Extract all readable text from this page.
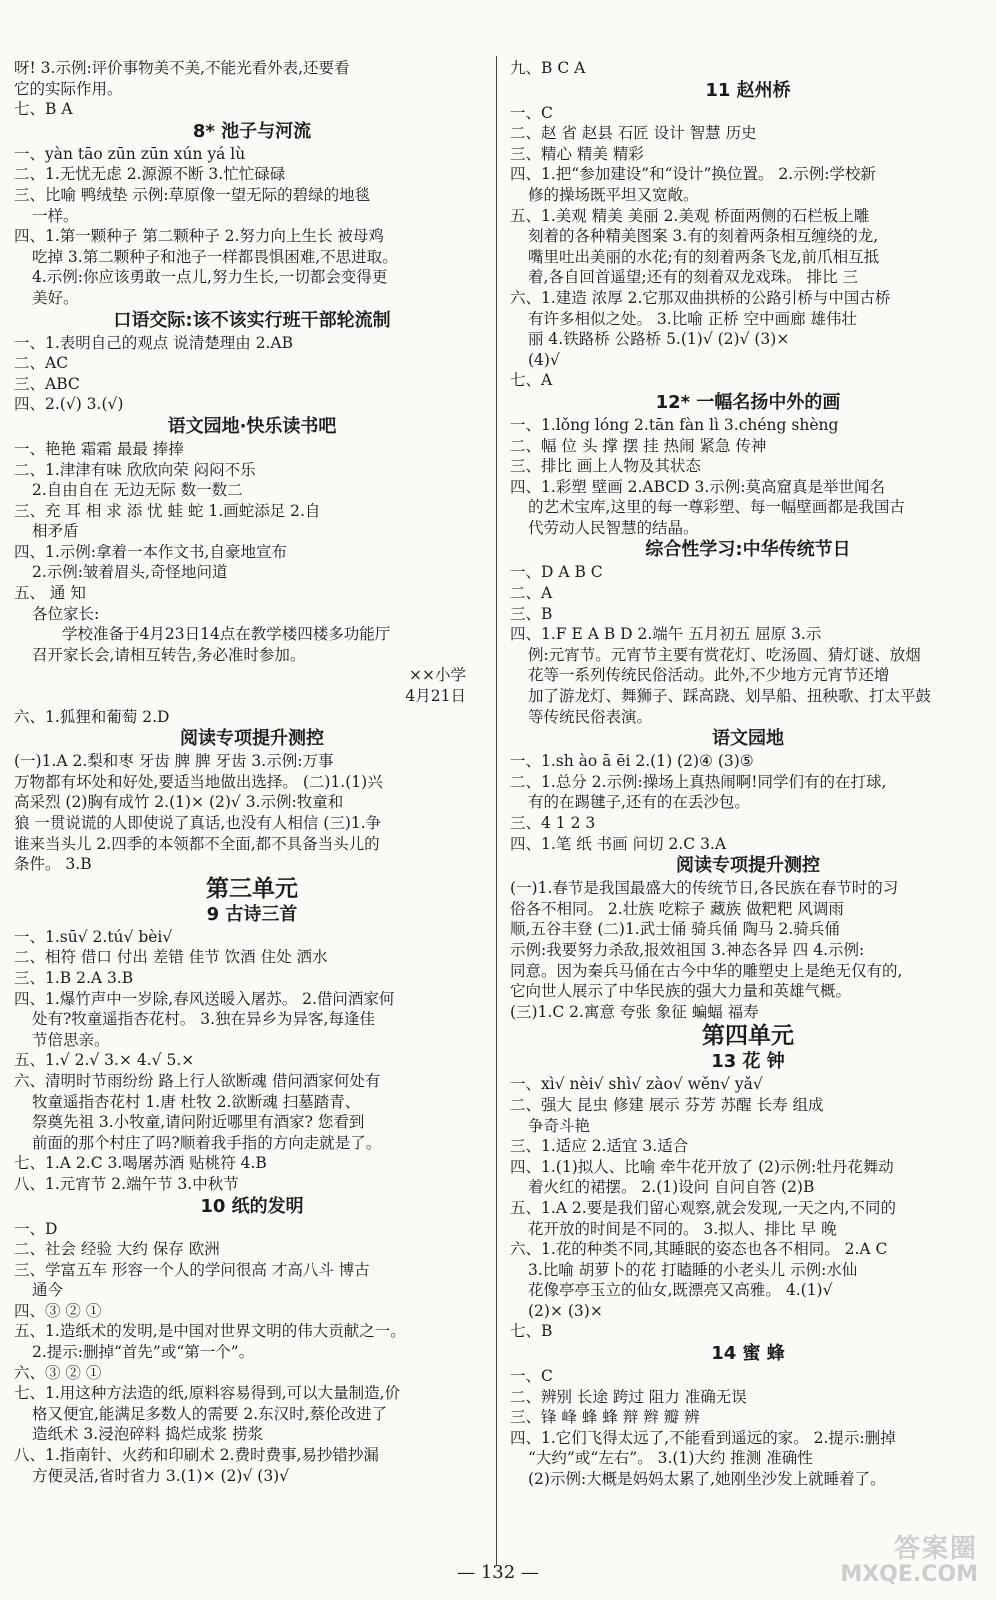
呀! 3.示例:评价事物美不美,不能光看外表,还要看
它的实际作用。
七、B A
8* 池子与河流
一、yàn tāo zūn zūn xún yá lù
二、1.无忧无虑 2.源源不断 3.忙忙碌碌
三、比喻 鸭绒垫 示例:草原像一望无际的碧绿的地毯
一样。
四、1.第一颗种子 第二颗种子 2.努力向上生长 被母鸡
吃掉 3.第二颗种子和池子一样都畏惧困难,不思进取。
4.示例:你应该勇敢一点儿,努力生长,一切都会变得更
美好。
口语交际:该不该实行班干部轮流制
一、1.表明自己的观点 说清楚理由 2.AB
二、AC
三、ABC
四、2.(√) 3.(√)
语文园地·快乐读书吧
一、艳艳 霜霜 最最 捧捧
二、1.津津有味 欣欣向荣 闷闷不乐
2.自由自在 无边无际 数一数二
三、充 耳 相 求 添 忧 蛙 蛇 1.画蛇添足 2.自
相矛盾
四、1.示例:拿着一本作文书,自豪地宣布
2.示例:皱着眉头,奇怪地问道
五、 通 知
各位家长:
学校准备于4月23日14点在教学楼四楼多功能厅
召开家长会,请相互转告,务必准时参加。
××小学
4月21日
六、1.狐狸和葡萄 2.D
阅读专项提升测控
(一)1.A 2.梨和枣 牙齿 脾 脾 牙齿 3.示例:万事
万物都有坏处和好处,要适当地做出选择。 (二)1.(1)兴
高采烈 (2)胸有成竹 2.(1)× (2)√ 3.示例:牧童和
狼 一贯说谎的人即使说了真话,也没有人相信 (三)1.争
谁来当头儿 2.四季的本领都不全面,都不具备当头儿的
条件。 3.B
第三单元
9 古诗三首
一、1.sū√ 2.tú√ bèi√
二、相符 借口 付出 差错 佳节 饮酒 住处 洒水
三、1.B 2.A 3.B
四、1.爆竹声中一岁除,春风送暖入屠苏。 2.借问酒家何
处有?牧童遥指杏花村。 3.独在异乡为异客,每逢佳
节倍思亲。
五、1.√ 2.√ 3.× 4.√ 5.×
六、清明时节雨纷纷 路上行人欲断魂 借问酒家何处有
牧童遥指杏花村 1.唐 杜牧 2.欲断魂 扫墓踏青、
祭奠先祖 3.小牧童,请问附近哪里有酒家? 您看到
前面的那个村庄了吗?顺着我手指的方向走就是了。
七、1.A 2.C 3.喝屠苏酒 贴桃符 4.B
八、1.元宵节 2.端午节 3.中秋节
10 纸的发明
一、D
二、社会 经验 大约 保存 欧洲
三、学富五车 形容一个人的学问很高 才高八斗 博古
通今
四、③ ② ①
五、1.造纸术的发明,是中国对世界文明的伟大贡献之一。
2.提示:删掉“首先”或“第一个”。
六、③ ② ①
七、1.用这种方法造的纸,原料容易得到,可以大量制造,价
格又便宜,能满足多数人的需要 2.东汉时,蔡伦改进了
造纸术 3.浸泡碎料 捣烂成浆 捞浆
八、1.指南针、火药和印刷术 2.费时费事,易抄错抄漏
方便灵活,省时省力 3.(1)× (2)√ (3)√
九、B C A
11 赵州桥
一、C
二、赵 省 赵县 石匠 设计 智慧 历史
三、精心 精美 精彩
四、1.把“参加建设”和“设计”换位置。 2.示例:学校新
修的操场既平坦又宽敞。
五、1.美观 精美 美丽 2.美观 桥面两侧的石栏板上雕
刻着的各种精美图案 3.有的刻着两条相互缠绕的龙,
嘴里吐出美丽的水花;有的刻着两条飞龙,前爪相互抵
着,各自回首遥望;还有的刻着双龙戏珠。 排比 三
六、1.建造 浓厚 2.它那双曲拱桥的公路引桥与中国古桥
有许多相似之处。 3.比喻 正桥 空中画廊 雄伟壮
丽 4.铁路桥 公路桥 5.(1)√ (2)√ (3)×
(4)√
七、A
12* 一幅名扬中外的画
一、1.lǒng lóng 2.tān fàn lì 3.chéng shèng
二、幅 位 头 撑 摆 挂 热闹 紧急 传神
三、排比 画上人物及其状态
四、1.彩塑 壁画 2.ABCD 3.示例:莫高窟真是举世闻名
的艺术宝库,这里的每一尊彩塑、每一幅壁画都是我国古
代劳动人民智慧的结晶。
综合性学习:中华传统节日
一、D A B C
二、A
三、B
四、1.F E A B D 2.端午 五月初五 屈原 3.示
例:元宵节。元宵节主要有赏花灯、吃汤圆、猜灯谜、放烟
花等一系列传统民俗活动。此外,不少地方元宵节还增
加了游龙灯、舞狮子、踩高跷、划旱船、扭秧歌、打太平鼓
等传统民俗表演。
语文园地
一、1.sh ào ā ēi 2.(1) (2)④ (3)⑤
二、1.总分 2.示例:操场上真热闹啊!同学们有的在打球,
有的在踢毽子,还有的在丢沙包。
三、4 1 2 3
四、1.笔 纸 书画 问切 2.C 3.A
阅读专项提升测控
(一)1.春节是我国最盛大的传统节日,各民族在春节时的习
俗各不相同。 2.壮族 吃粽子 藏族 做粑粑 风调雨
顺,五谷丰登 (二)1.武士俑 骑兵俑 陶马 2.骑兵俑
示例:我要努力杀敌,报效祖国 3.神态各异 四 4.示例:
同意。因为秦兵马俑在古今中华的雕塑史上是绝无仅有的,
它向世人展示了中华民族的强大力量和英雄气概。
(三)1.C 2.寓意 夸张 象征 蝙蝠 福寿
第四单元
13 花 钟
一、xì√ nèi√ shì√ zào√ wěn√ yǎ√
二、强大 昆虫 修建 展示 芬芳 苏醒 长寿 组成
争奇斗艳
三、1.适应 2.适宜 3.适合
四、1.(1)拟人、比喻 牵牛花开放了 (2)示例:牡丹花舞动
着火红的裙摆。 2.(1)设问 自问自答 (2)B
五、1.A 2.要是我们留心观察,就会发现,一天之内,不同的
花开放的时间是不同的。 3.拟人、排比 早 晚
六、1.花的种类不同,其睡眠的姿态也各不相同。 2.A C
3.比喻 胡萝卜的花 打瞌睡的小老头儿 示例:水仙
花像亭亭玉立的仙女,既漂亮又高雅。 4.(1)√
(2)× (3)×
七、B
14 蜜 蜂
一、C
二、辨别 长途 跨过 阻力 准确无误
三、锋 峰 蜂 蜂 辩 辫 瓣 辨
四、1.它们飞得太远了,不能看到遥远的家。 2.提示:删掉
“大约”或“左右”。 3.(1)大约 推测 准确性
(2)示例:大概是妈妈太累了,她刚坐沙发上就睡着了。
— 132 —
答案圈
MXQE.COM
